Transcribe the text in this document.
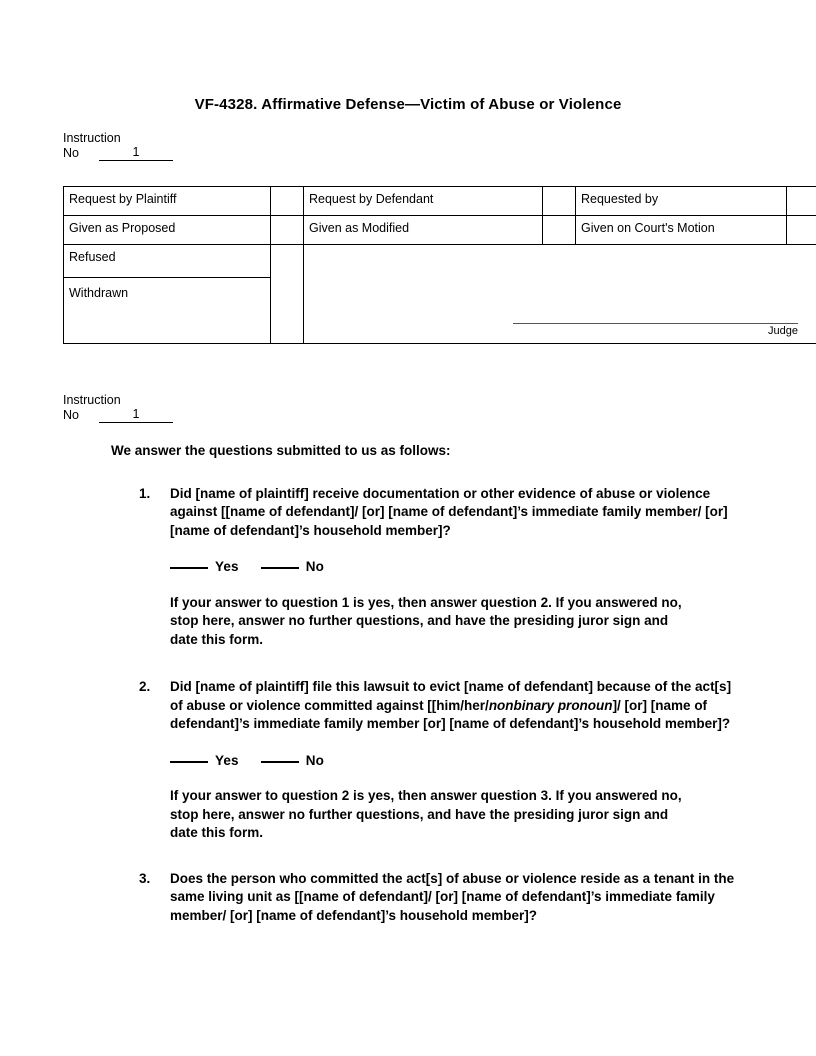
VF-4328. Affirmative Defense—Victim of Abuse or Violence
Instruction
No	1
Request by Plaintiff		Request by Defendant		Requested by	
Given as Proposed		Given as Modified		Given on Court's Motion	
Refused		Judge			

Withdrawn					
Instruction
No	1

We answer the questions submitted to us as follows:

1.	Did [name of plaintiff] receive documentation or other evidence of abuse or violence against [[name of defendant]/ [or] [name of defendant]’s immediate family member/ [or] [name of defendant]’s household member]?
Yes	No

If your answer to question 1 is yes, then answer question 2. If you answered no, stop here, answer no further questions, and have the presiding juror sign and date this form.

2.	Did [name of plaintiff] file this lawsuit to evict [name of defendant] because of the act[s] of abuse or violence committed against [[him/her/nonbinary pronoun]/ [or] [name of defendant]’s immediate family member [or] [name of defendant]’s household member]?
Yes	No

If your answer to question 2 is yes, then answer question 3. If you answered no, stop here, answer no further questions, and have the presiding juror sign and date this form.

3.	Does the person who committed the act[s] of abuse or violence reside as a tenant in the same living unit as [[name of defendant]/ [or] [name of defendant]’s immediate family member/ [or] [name of defendant]’s household member]?
